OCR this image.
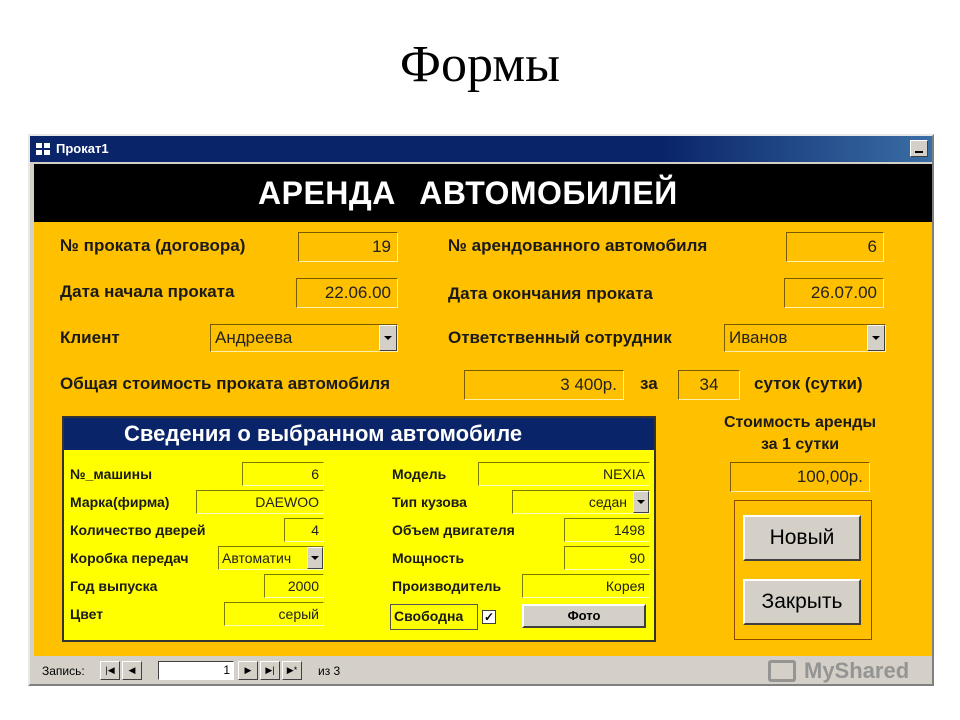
Формы
Прокат1
АРЕНДА АВТОМОБИЛЕЙ
№ проката (договора)	19	№ арендованного автомобиля	6
Дата начала проката	22.06.00	Дата окончания проката	26.07.00
Клиент	Андреева	Ответственный сотрудник	Иванов
Общая стоимость проката автомобиля	3 400р.	за	34	суток (сутки)
Стоимость аренды
за 1 сутки
100,00р.
Сведения о выбранном автомобиле
№_машины	6
Марка(фирма)	DAEWOO
Количество дверей	4
Коробка передач Автоматич
Год выпуска	2000
Цвет	серый
Модель	NEXIA
Тип кузова	седан
Объем двигателя	1498
Мощность	90
Производитель	Корея
Свободна ✓	Фото
Новый
Закрыть
Запись:	|◀	◀	1	▶	▶|	▶*	из 3	MyShared
